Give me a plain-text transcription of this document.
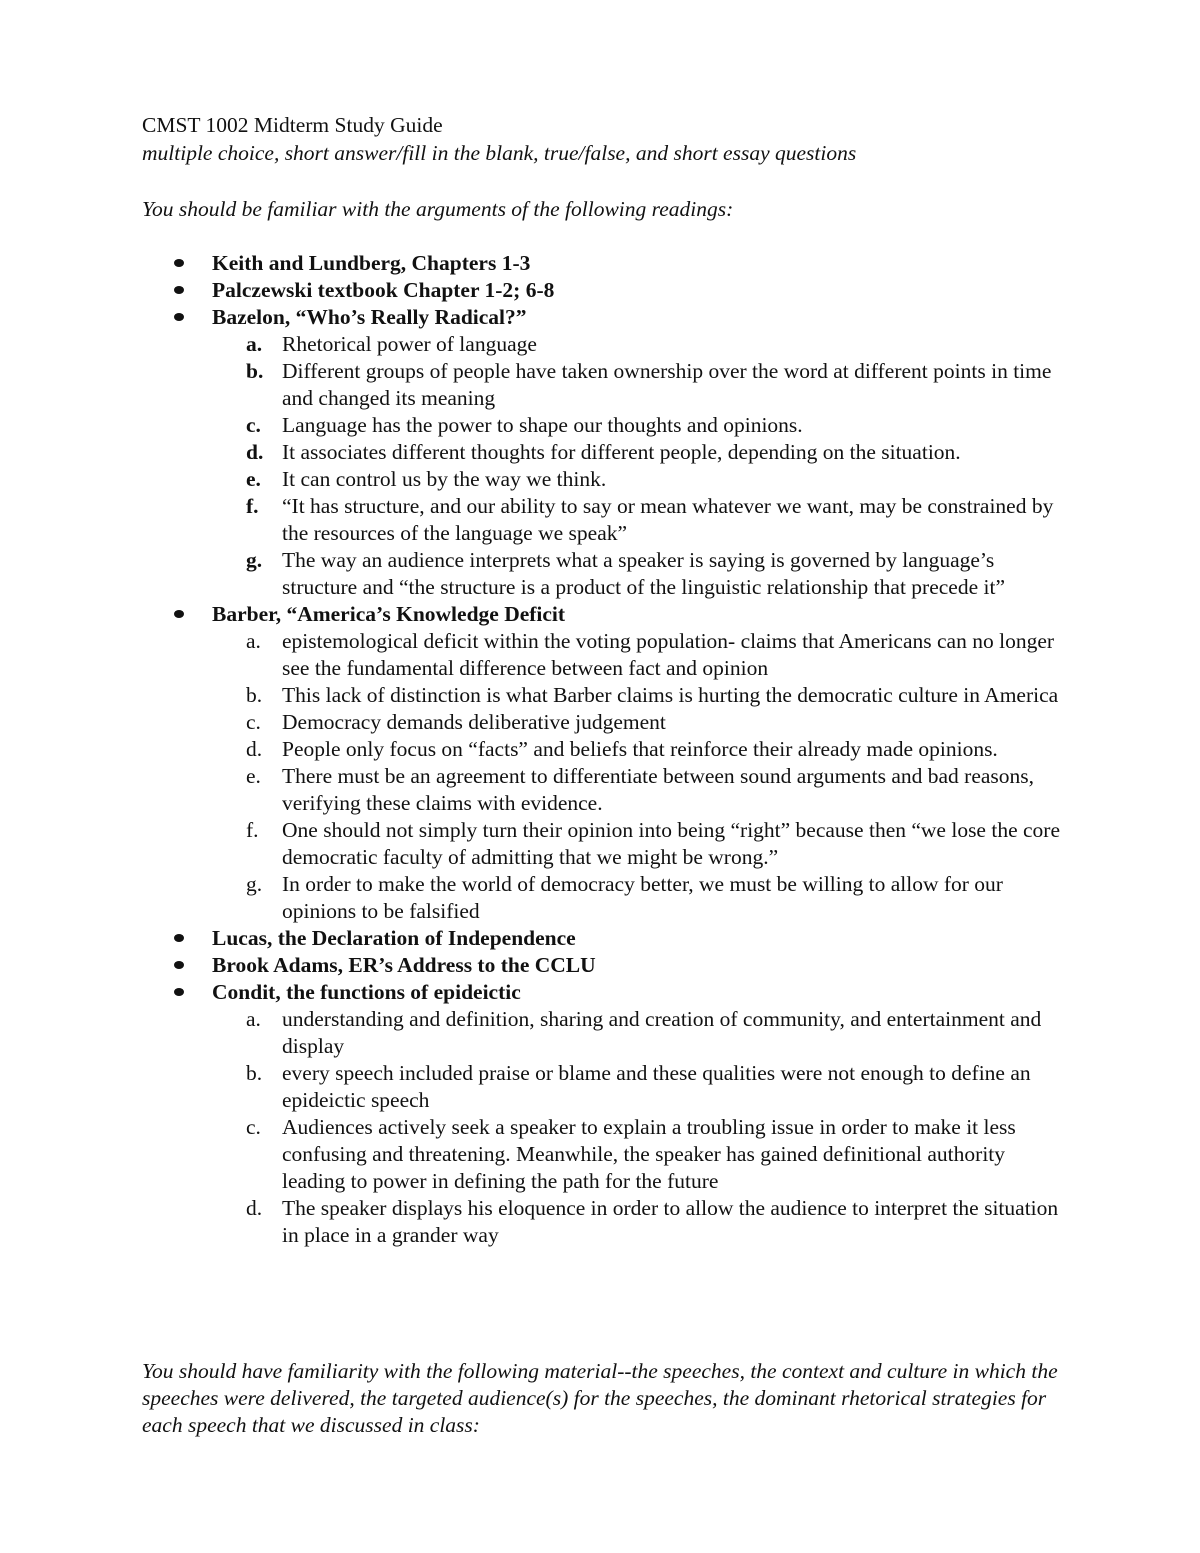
CMST 1002 Midterm Study Guide
multiple choice, short answer/fill in the blank, true/false, and short essay questions
You should be familiar with the arguments of the following readings:
Keith and Lundberg, Chapters 1-3
Palczewski textbook Chapter 1-2; 6-8
Bazelon, “Who’s Really Radical?”
a. Rhetorical power of language
b. Different groups of people have taken ownership over the word at different points in time and changed its meaning
c. Language has the power to shape our thoughts and opinions.
d. It associates different thoughts for different people, depending on the situation.
e. It can control us by the way we think.
f. “It has structure, and our ability to say or mean whatever we want, may be constrained by the resources of the language we speak”
g. The way an audience interprets what a speaker is saying is governed by language’s structure and “the structure is a product of the linguistic relationship that precede it”
Barber, “America’s Knowledge Deficit
a. epistemological deficit within the voting population- claims that Americans can no longer see the fundamental difference between fact and opinion
b. This lack of distinction is what Barber claims is hurting the democratic culture in America
c. Democracy demands deliberative judgement
d. People only focus on “facts” and beliefs that reinforce their already made opinions.
e. There must be an agreement to differentiate between sound arguments and bad reasons, verifying these claims with evidence.
f. One should not simply turn their opinion into being “right” because then “we lose the core democratic faculty of admitting that we might be wrong.”
g. In order to make the world of democracy better, we must be willing to allow for our opinions to be falsified
Lucas, the Declaration of Independence
Brook Adams, ER’s Address to the CCLU
Condit, the functions of epideictic
a. understanding and definition, sharing and creation of community, and entertainment and display
b. every speech included praise or blame and these qualities were not enough to define an epideictic speech
c. Audiences actively seek a speaker to explain a troubling issue in order to make it less confusing and threatening. Meanwhile, the speaker has gained definitional authority leading to power in defining the path for the future
d. The speaker displays his eloquence in order to allow the audience to interpret the situation in place in a grander way
You should have familiarity with the following material--the speeches, the context and culture in which the speeches were delivered, the targeted audience(s) for the speeches, the dominant rhetorical strategies for each speech that we discussed in class:
